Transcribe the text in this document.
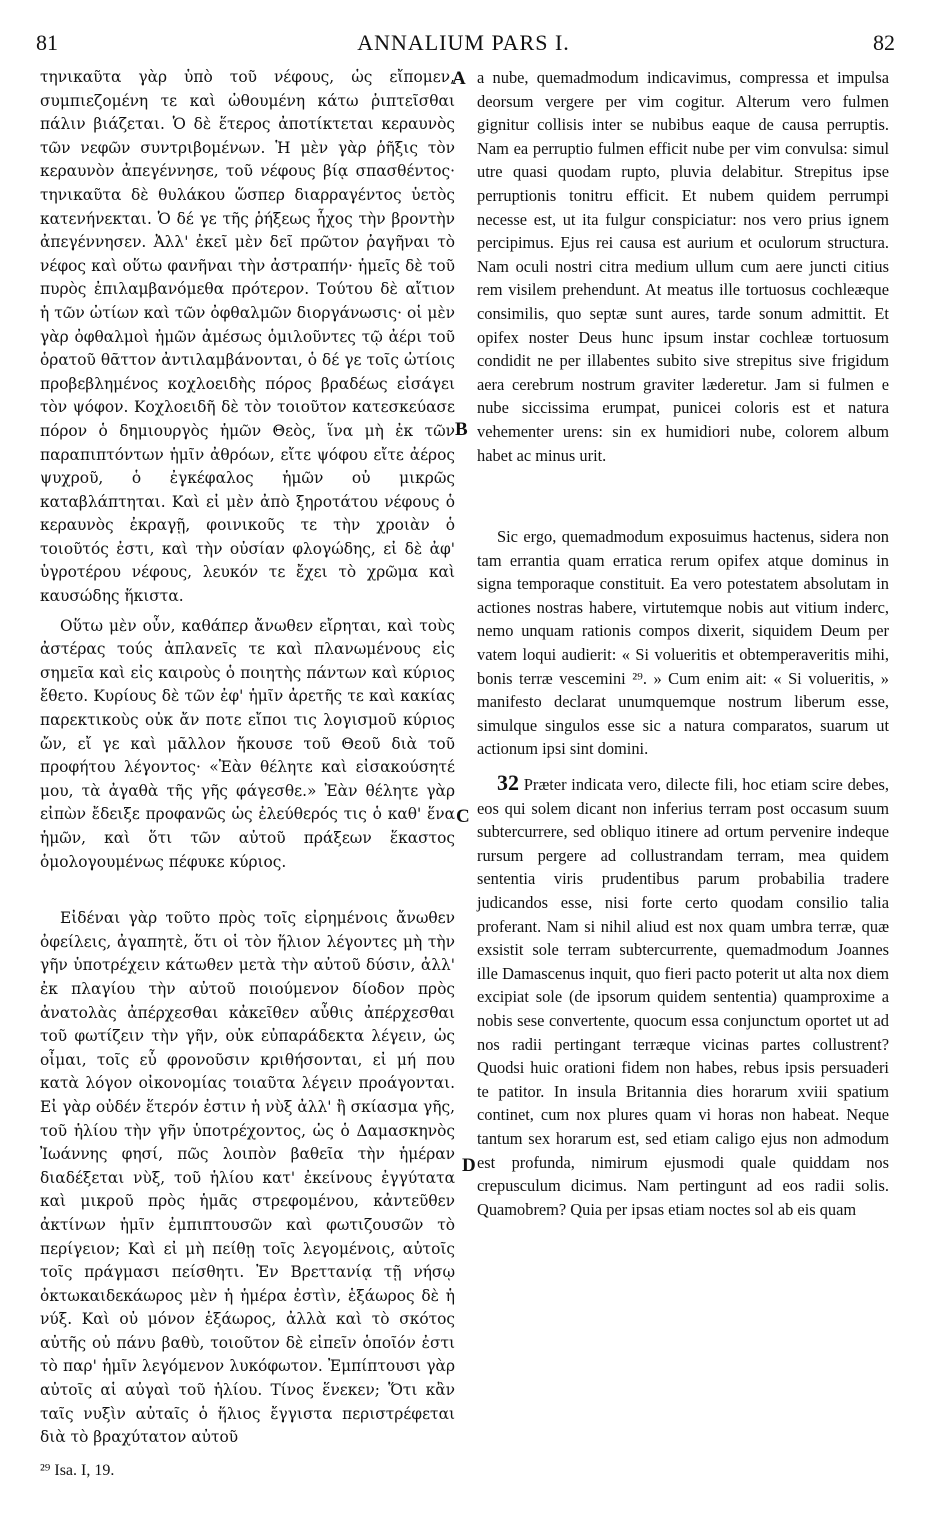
81	ANNALIUM PARS I.	82
A
B
C
D

τηνικαῦτα γὰρ ὑπὸ τοῦ νέφους, ὡς εἴπομεν, συμπιεζομένη τε καὶ ὠθουμένη κάτω ῥιπτεῖσθαι πάλιν βιάζεται. Ὁ δὲ ἕτερος ἀποτίκτεται κεραυνὸς τῶν νεφῶν συντριβομένων. Ἡ μὲν γὰρ ῥῆξις τὸν κεραυνὸν ἀπεγέννησε, τοῦ νέφους βίᾳ σπασθέντος· τηνικαῦτα δὲ θυλάκου ὥσπερ διαρραγέντος ὑετὸς κατενήνεκται. Ὁ δέ γε τῆς ῥήξεως ἦχος τὴν βροντὴν ἀπεγέννησεν. Ἀλλ' ἐκεῖ μὲν δεῖ πρῶτον ῥαγῆναι τὸ νέφος καὶ οὕτω φανῆναι τὴν ἀστραπήν· ἡμεῖς δὲ τοῦ πυρὸς ἐπιλαμβανόμεθα πρότερον. Τούτου δὲ αἴτιον ἡ τῶν ὠτίων καὶ τῶν ὀφθαλμῶν διοργάνωσις· οἱ μὲν γὰρ ὀφθαλμοὶ ἡμῶν ἀμέσως ὁμιλοῦντες τῷ ἀέρι τοῦ ὁρατοῦ θᾶττον ἀντιλαμβάνονται, ὁ δέ γε τοῖς ὠτίοις προβεβλημένος κοχλοειδὴς πόρος βραδέως εἰσάγει τὸν ψόφον. Κοχλοειδῆ δὲ τὸν τοιοῦτον κατεσκεύασε πόρον ὁ δημιουργὸς ἡμῶν Θεὸς, ἵνα μὴ ἐκ τῶν παραπιπτόντων ἡμῖν ἀθρόων, εἴτε ψόφου εἴτε ἀέρος ψυχροῦ, ὁ ἐγκέφαλος ἡμῶν οὐ μικρῶς καταβλάπτηται. Καὶ εἰ μὲν ἀπὸ ξηροτάτου νέφους ὁ κεραυνὸς ἐκραγῇ, φοινικοῦς τε τὴν χροιὰν ὁ τοιοῦτός ἐστι, καὶ τὴν οὐσίαν φλογώδης, εἰ δὲ ἀφ' ὑγροτέρου νέφους, λευκόν τε ἔχει τὸ χρῶμα καὶ καυσώδης ἥκιστα.

Οὕτω μὲν οὖν, καθάπερ ἄνωθεν εἴρηται, καὶ τοὺς ἀστέρας τούς ἀπλανεῖς τε καὶ πλανωμένους εἰς σημεῖα καὶ εἰς καιροὺς ὁ ποιητὴς πάντων καὶ κύριος ἔθετο. Κυρίους δὲ τῶν ἐφ' ἡμῖν ἀρετῆς τε καὶ κακίας παρεκτικοὺς οὐκ ἄν ποτε εἴποι τις λογισμοῦ κύριος ὤν, εἴ γε καὶ μᾶλλον ἤκουσε τοῦ Θεοῦ διὰ τοῦ προφήτου λέγοντος· «Ἐὰν θέλητε καὶ εἰσακούσητέ μου, τὰ ἀγαθὰ τῆς γῆς φάγεσθε.» Ἐὰν θέλητε γὰρ εἰπὼν ἔδειξε προφανῶς ὡς ἐλεύθερός τις ὁ καθ' ἕνα ἡμῶν, καὶ ὅτι τῶν αὐτοῦ πράξεων ἕκαστος ὁμολογουμένως πέφυκε κύριος.

Εἰδέναι γὰρ τοῦτο πρὸς τοῖς εἰρημένοις ἄνωθεν ὀφείλεις, ἀγαπητὲ, ὅτι οἱ τὸν ἥλιον λέγοντες μὴ τὴν γῆν ὑποτρέχειν κάτωθεν μετὰ τὴν αὐτοῦ δύσιν, ἀλλ' ἐκ πλαγίου τὴν αὐτοῦ ποιούμενον δίοδον πρὸς ἀνατολὰς ἀπέρχεσθαι κἀκεῖθεν αὖθις ἀπέρχεσθαι τοῦ φωτίζειν τὴν γῆν, οὐκ εὐπαράδεκτα λέγειν, ὡς οἶμαι, τοῖς εὖ φρονοῦσιν κριθήσονται, εἰ μή που κατὰ λόγον οἰκονομίας τοιαῦτα λέγειν προάγονται. Εἰ γὰρ οὐδέν ἕτερόν ἐστιν ἡ νὺξ ἀλλ' ἢ σκίασμα γῆς, τοῦ ἡλίου τὴν γῆν ὑποτρέχοντος, ὡς ὁ Δαμασκηνὸς Ἰωάννης φησί, πῶς λοιπὸν βαθεῖα τὴν ἡμέραν διαδέξεται νὺξ, τοῦ ἡλίου κατ' ἐκείνους ἐγγύτατα καὶ μικροῦ πρὸς ἡμᾶς στρεφομένου, κἀντεῦθεν ἀκτίνων ἡμῖν ἐμπιπτουσῶν καὶ φωτιζουσῶν τὸ περίγειον; Καὶ εἰ μὴ πείθῃ τοῖς λεγομένοις, αὐτοῖς τοῖς πράγμασι πείσθητι. Ἐν Βρεττανίᾳ τῇ νήσῳ ὀκτωκαιδεκάωρος μὲν ἡ ἡμέρα ἐστὶν, ἑξάωρος δὲ ἡ νύξ. Καὶ οὐ μόνον ἑξάωρος, ἀλλὰ καὶ τὸ σκότος αὐτῆς οὐ πάνυ βαθὺ, τοιοῦτον δὲ εἰπεῖν ὁποῖόν ἐστι τὸ παρ' ἡμῖν λεγόμενον λυκόφωτον. Ἐμπίπτουσι γὰρ αὐτοῖς αἱ αὐγαὶ τοῦ ἡλίου. Τίνος ἕνεκεν; Ὅτι κἂν ταῖς νυξὶν αὐταῖς ὁ ἥλιος ἔγγιστα περιστρέφεται διὰ τὸ βραχύτατον αὐτοῦ

a nube, quemadmodum indicavimus, compressa et impulsa deorsum vergere per vim cogitur. Alterum vero fulmen gignitur collisis inter se nubibus eaque de causa perruptis. Nam ea perruptio fulmen efficit nube per vim convulsa: simul utre quasi quodam rupto, pluvia delabitur. Strepitus ipse perruptionis tonitru efficit. Et nubem quidem perrumpi necesse est, ut ita fulgur conspiciatur: nos vero prius ignem percipimus. Ejus rei causa est aurium et oculorum structura. Nam oculi nostri citra medium ullum cum aere juncti citius rem visilem prehendunt. At meatus ille tortuosus cochleæque consimilis, quo septæ sunt aures, tarde sonum admittit. Et opifex noster Deus hunc ipsum instar cochleæ tortuosum condidit ne per illabentes subito sive strepitus sive frigidum aera cerebrum nostrum graviter læderetur. Jam si fulmen e nube siccissima erumpat, punicei coloris est et natura vehementer urens: sin ex humidiori nube, colorem album habet ac minus urit.

Sic ergo, quemadmodum exposuimus hactenus, sidera non tam errantia quam erratica rerum opifex atque dominus in signa temporaque constituit. Ea vero potestatem absolutam in actiones nostras habere, virtutemque nobis aut vitium inderc, nemo unquam rationis compos dixerit, siquidem Deum per vatem loqui audierit: « Si volueritis et obtemperaveritis mihi, bonis terræ vescemini ²⁹. » Cum enim ait: « Si volueritis, » manifesto declarat unumquemque nostrum liberum esse, simulque singulos esse sic a natura comparatos, suarum ut actionum ipsi sint domini.

32 Præter indicata vero, dilecte fili, hoc etiam scire debes, eos qui solem dicant non inferius terram post occasum suum subtercurrere, sed obliquo itinere ad ortum pervenire indeque rursum pergere ad collustrandam terram, mea quidem sententia viris prudentibus parum probabilia tradere judicandos esse, nisi forte certo quodam consilio talia proferant. Nam si nihil aliud est nox quam umbra terræ, quæ exsistit sole terram subtercurrente, quemadmodum Joannes ille Damascenus inquit, quo fieri pacto poterit ut alta nox diem excipiat sole (de ipsorum quidem sententia) quamproxime a nobis sese convertente, quocum essa conjunctum oportet ut ad nos radii pertingant terræque vicinas partes collustrent? Quodsi huic orationi fidem non habes, rebus ipsis persuaderi te patitor. In insula Britannia dies horarum xviii spatium continet, cum nox plures quam vi horas non habeat. Neque tantum sex horarum est, sed etiam caligo ejus non admodum est profunda, nimirum ejusmodi quale quiddam nos crepusculum dicimus. Nam pertingunt ad eos radii solis. Quamobrem? Quia per ipsas etiam noctes sol ab eis quam

²⁹ Isa. I, 19.
